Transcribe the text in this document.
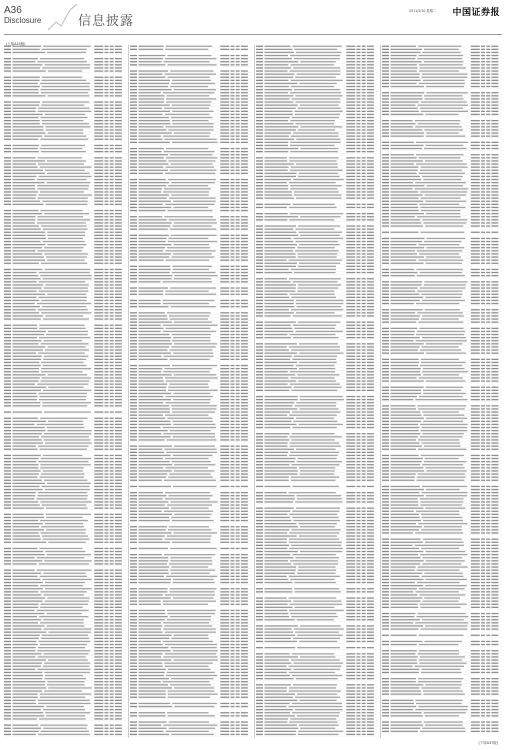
A36
Disclosure	信息披露
2011/2/10 星期二 中国证券报
(上接A35版)
(下转A37版)
